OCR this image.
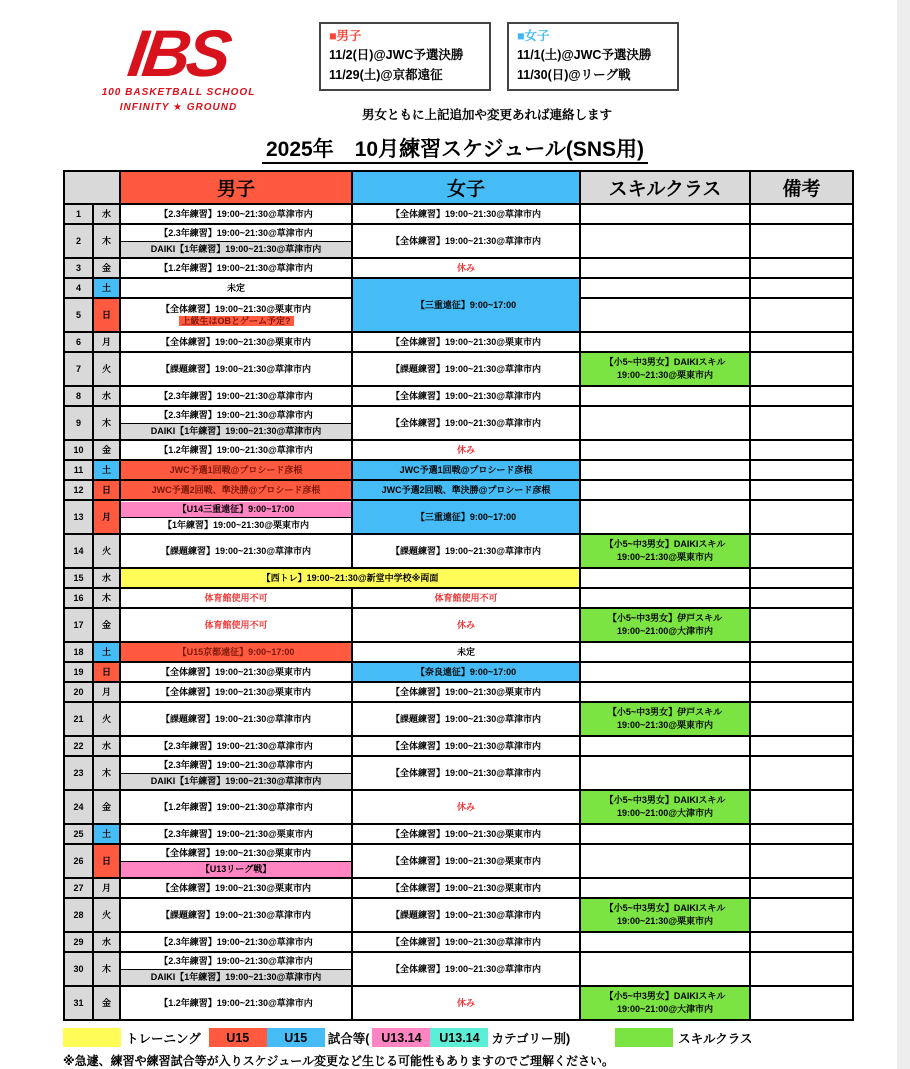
IBS
100 BASKETBALL SCHOOL
INFINITY ★ GROUND
■男子
11/2(日)@JWC予選決勝
11/29(土)@京都遠征
■女子
11/1(土)@JWC予選決勝
11/30(日)@リーグ戦
男女ともに上記追加や変更あれば連絡します
2025年　10月練習スケジュール(SNS用)
		男子	女子	スキルクラス	備考
1	水	【2.3年練習】19:00~21:30@草津市内	【全体練習】19:00~21:30@草津市内		
2	木	【2.3年練習】19:00~21:30@草津市内
DAIKI【1年練習】19:00~21:30@草津市内	【全体練習】19:00~21:30@草津市内		
3	金	【1.2年練習】19:00~21:30@草津市内	休み		
4	土	未定	【三重遠征】9:00~17:00		
5	日	【全体練習】19:00~21:30@栗東市内
上級生はOBとゲーム予定?			

6	月	【全体練習】19:00~21:30@栗東市内	【全体練習】19:00~21:30@栗東市内		
7	火	【課題練習】19:00~21:30@草津市内	【課題練習】19:00~21:30@草津市内	【小5~中3男女】DAIKIスキル
19:00~21:30@栗東市内	

8	水	【2.3年練習】19:00~21:30@草津市内	【全体練習】19:00~21:30@草津市内		
9	木	【2.3年練習】19:00~21:30@草津市内
DAIKI【1年練習】19:00~21:30@草津市内	【全体練習】19:00~21:30@草津市内		
10	金	【1.2年練習】19:00~21:30@草津市内	休み		
11	土	JWC予選1回戦@プロシード彦根	JWC予選1回戦@プロシード彦根		
12	日	JWC予選2回戦、準決勝@プロシード彦根	JWC予選2回戦、準決勝@プロシード彦根		
13	月	【U14三重遠征】9:00~17:00
【1年練習】19:00~21:30@栗東市内	【三重遠征】9:00~17:00		
14	火	【課題練習】19:00~21:30@草津市内	【課題練習】19:00~21:30@草津市内	【小5~中3男女】DAIKIスキル
19:00~21:30@栗東市内	

15	水	【西トレ】19:00~21:30@新堂中学校※両面			
16	木	体育館使用不可	体育館使用不可		
17	金	体育館使用不可	休み	【小5~中3男女】伊戸スキル
19:00~21:00@大津市内	

18	土	【U15京都遠征】9:00~17:00	未定		
19	日	【全体練習】19:00~21:30@栗東市内	【奈良遠征】9:00~17:00		
20	月	【全体練習】19:00~21:30@栗東市内	【全体練習】19:00~21:30@栗東市内		
21	火	【課題練習】19:00~21:30@草津市内	【課題練習】19:00~21:30@草津市内	【小5~中3男女】伊戸スキル
19:00~21:30@栗東市内	

22	水	【2.3年練習】19:00~21:30@草津市内	【全体練習】19:00~21:30@草津市内		
23	木	【2.3年練習】19:00~21:30@草津市内
DAIKI【1年練習】19:00~21:30@草津市内	【全体練習】19:00~21:30@草津市内		
24	金	【1.2年練習】19:00~21:30@草津市内	休み	【小5~中3男女】DAIKIスキル
19:00~21:00@大津市内	

25	土	【2.3年練習】19:00~21:30@栗東市内	【全体練習】19:00~21:30@栗東市内		
26	日	【全体練習】19:00~21:30@栗東市内
【U13リーグ戦】	【全体練習】19:00~21:30@栗東市内		
27	月	【全体練習】19:00~21:30@栗東市内	【全体練習】19:00~21:30@栗東市内		
28	火	【課題練習】19:00~21:30@草津市内	【課題練習】19:00~21:30@草津市内	【小5~中3男女】DAIKIスキル
19:00~21:30@栗東市内	

29	水	【2.3年練習】19:00~21:30@草津市内	【全体練習】19:00~21:30@草津市内		
30	木	【2.3年練習】19:00~21:30@草津市内
DAIKI【1年練習】19:00~21:30@草津市内	【全体練習】19:00~21:30@草津市内		
31	金	【1.2年練習】19:00~21:30@草津市内	休み	【小5~中3男女】DAIKIスキル
19:00~21:00@大津市内	

トレーニング	U15	U15	試合等( U13.14	U13.14 カテゴリー別)	スキルクラス
※急遽、練習や練習試合等が入りスケジュール変更など生じる可能性もありますのでご理解ください。
